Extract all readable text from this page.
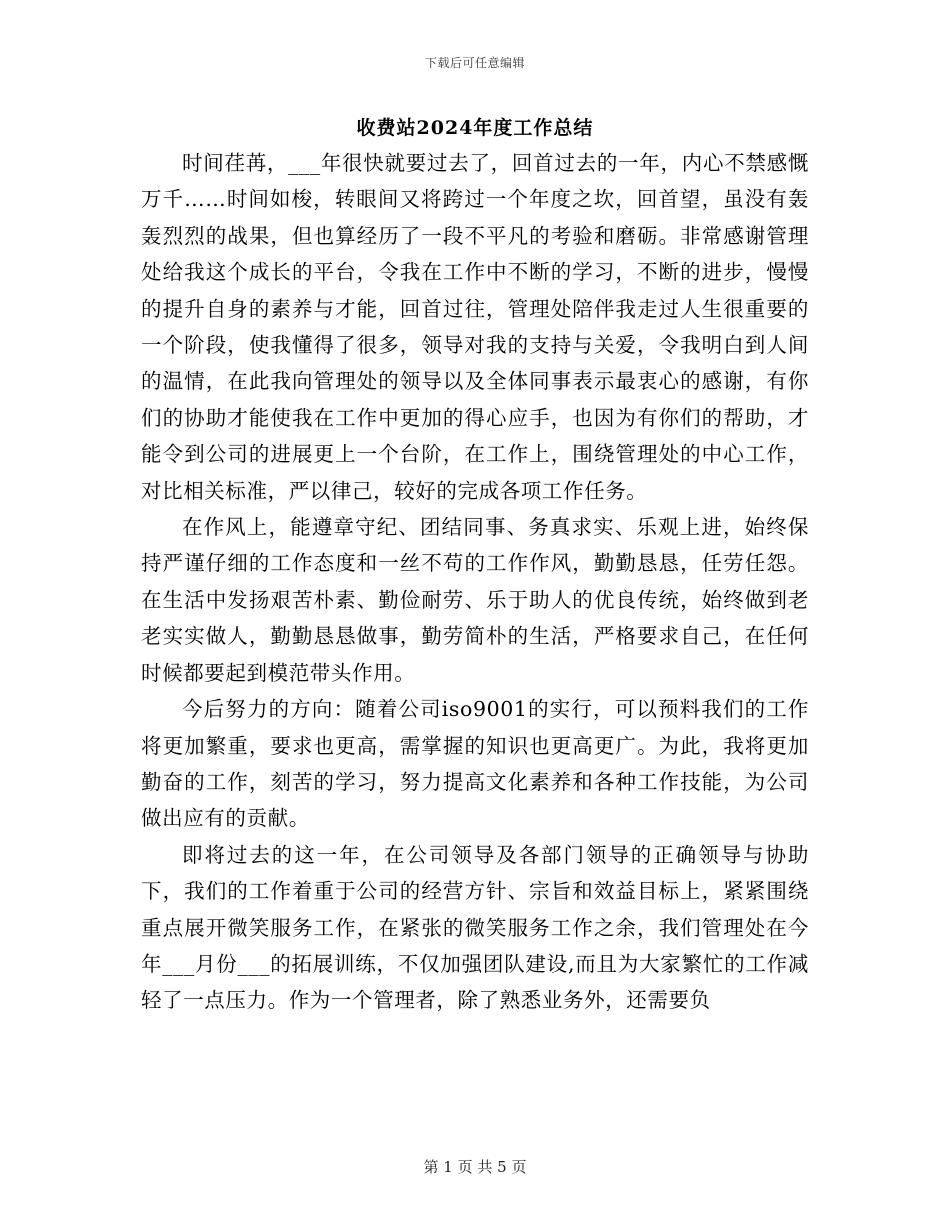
下载后可任意编辑
收费站2024年度工作总结

时间荏苒，___年很快就要过去了，回首过去的一年，内心不禁感慨万千……时间如梭，转眼间又将跨过一个年度之坎，回首望，虽没有轰轰烈烈的战果，但也算经历了一段不平凡的考验和磨砺。非常感谢管理处给我这个成长的平台，令我在工作中不断的学习，不断的进步，慢慢的提升自身的素养与才能，回首过往，管理处陪伴我走过人生很重要的一个阶段，使我懂得了很多，领导对我的支持与关爱，令我明白到人间的温情，在此我向管理处的领导以及全体同事表示最衷心的感谢，有你们的协助才能使我在工作中更加的得心应手，也因为有你们的帮助，才能令到公司的进展更上一个台阶，在工作上，围绕管理处的中心工作，对比相关标准，严以律己，较好的完成各项工作任务。

在作风上，能遵章守纪、团结同事、务真求实、乐观上进，始终保持严谨仔细的工作态度和一丝不苟的工作作风，勤勤恳恳，任劳任怨。在生活中发扬艰苦朴素、勤俭耐劳、乐于助人的优良传统，始终做到老老实实做人，勤勤恳恳做事，勤劳简朴的生活，严格要求自己，在任何时候都要起到模范带头作用。

今后努力的方向：随着公司iso9001的实行，可以预料我们的工作将更加繁重，要求也更高，需掌握的知识也更高更广。为此，我将更加勤奋的工作，刻苦的学习，努力提高文化素养和各种工作技能，为公司做出应有的贡献。

即将过去的这一年，在公司领导及各部门领导的正确领导与协助下，我们的工作着重于公司的经营方针、宗旨和效益目标上，紧紧围绕重点展开微笑服务工作，在紧张的微笑服务工作之余，我们管理处在今年___月份___的拓展训练，不仅加强团队建设,而且为大家繁忙的工作减轻了一点压力。作为一个管理者，除了熟悉业务外，还需要负

第 1 页 共 5 页
